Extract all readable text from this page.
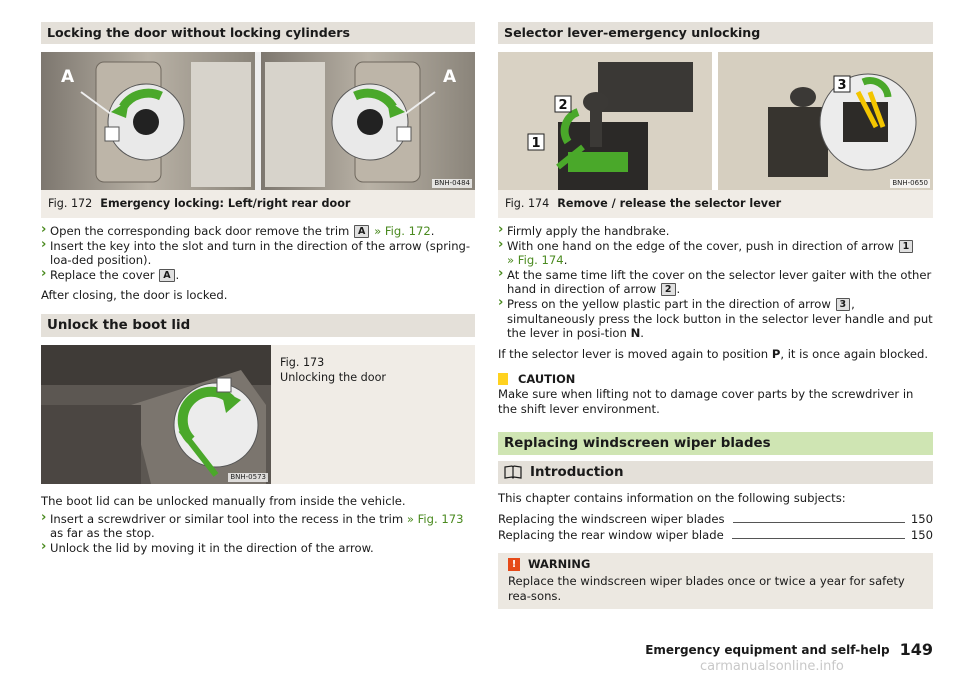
Locking the door without locking cylinders
A	A
BNH-0484
Fig. 172 Emergency locking: Left/right rear door
› Open the corresponding back door remove the trim A » Fig. 172.
› Insert the key into the slot and turn in the direction of the arrow (spring-loa-ded position).
› Replace the cover A .

After closing, the door is locked.

Unlock the boot lid
BNH-0573
Fig. 173
Unlocking the door

The boot lid can be unlocked manually from inside the vehicle.

› Insert a screwdriver or similar tool into the recess in the trim » Fig. 173 as far as the stop.
› Unlock the lid by moving it in the direction of the arrow.
Selector lever-emergency unlocking
1
2
3
BNH-0650
Fig. 174 Remove / release the selector lever
› Firmly apply the handbrake.
› With one hand on the edge of the cover, push in direction of arrow 1
» Fig. 174.
› At the same time lift the cover on the selector lever gaiter with the other hand in direction of arrow 2 .
› Press on the yellow plastic part in the direction of arrow 3 , simultaneously press the lock button in the selector lever handle and put the lever in posi-tion N.

If the selector lever is moved again to position P, it is once again blocked.

CAUTION

Make sure when lifting not to damage cover parts by the screwdriver in the shift lever environment.

Replacing windscreen wiper blades
Introduction

This chapter contains information on the following subjects:

Replacing the windscreen wiper blades	150
Replacing the rear window wiper blade	150
!	WARNING

Replace the windscreen wiper blades once or twice a year for safety rea-sons.

Emergency equipment and self-help 149
carmanualsonline.info
